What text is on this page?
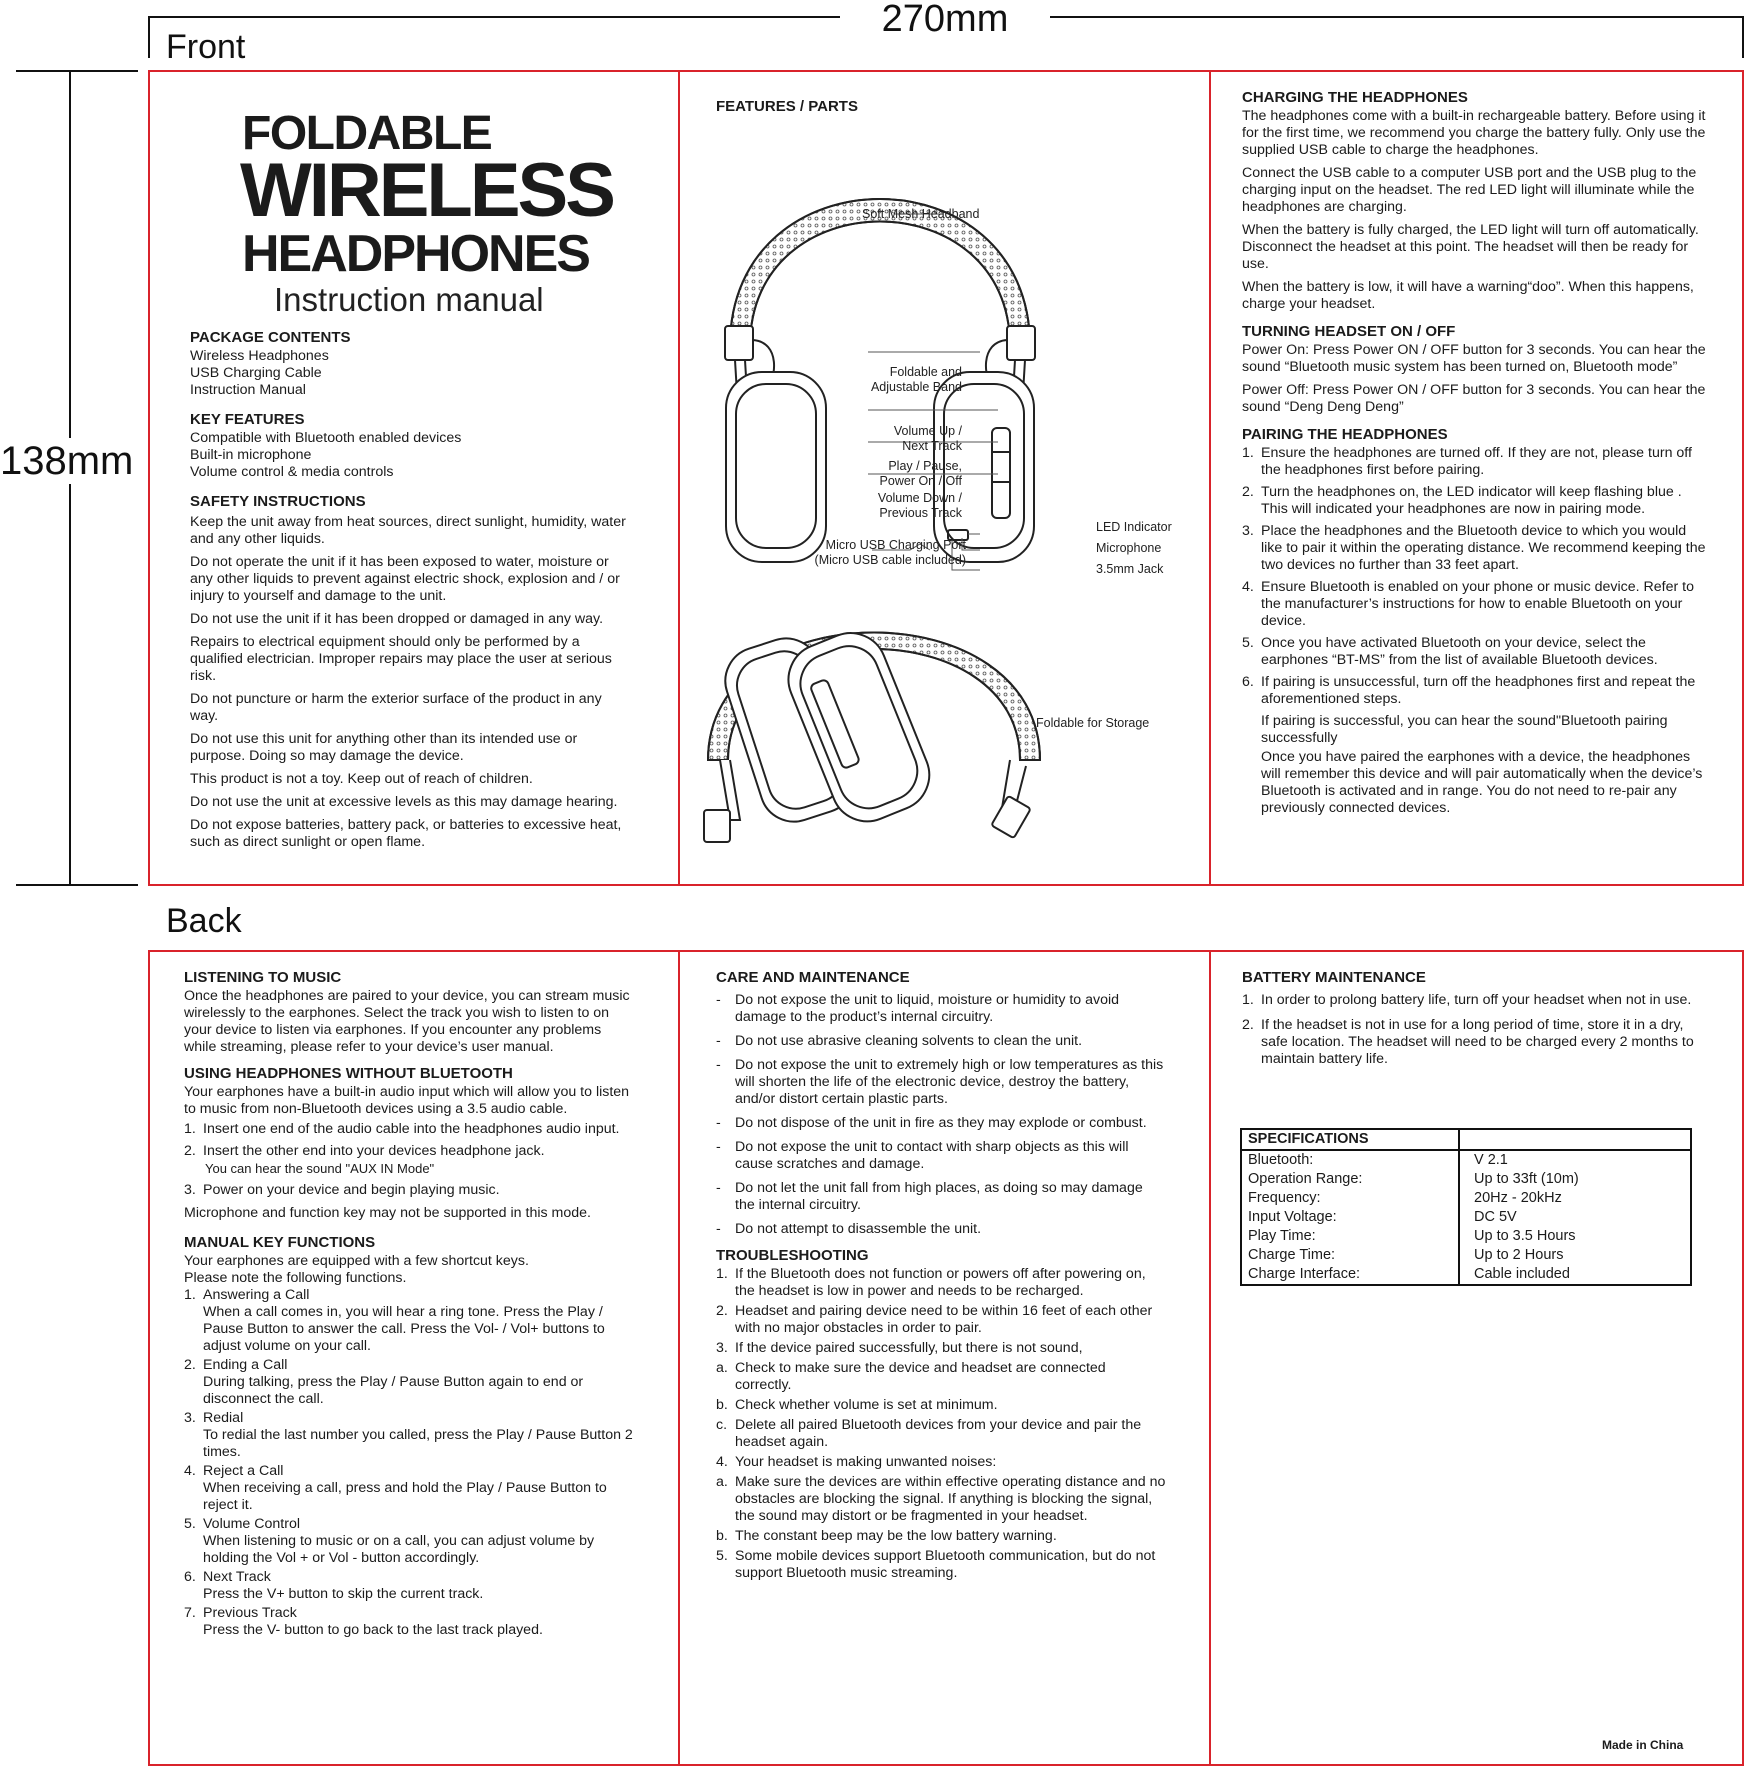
270mm
138mm
Front
Back
FOLDABLE
WIRELESS
HEADPHONES
Instruction manual
PACKAGE CONTENTS
Wireless Headphones
USB Charging Cable
Instruction Manual
KEY FEATURES
Compatible with Bluetooth enabled devices
Built-in microphone
Volume control & media controls
SAFETY INSTRUCTIONS

Keep the unit away from heat sources, direct sunlight, humidity, water and any other liquids.

Do not operate the unit if it has been exposed to water, moisture or any other liquids to prevent against electric shock, explosion and / or injury to yourself and damage to the unit.

Do not use the unit if it has been dropped or damaged in any way.

Repairs to electrical equipment should only be performed by a qualified electrician. Improper repairs may place the user at serious risk.

Do not puncture or harm the exterior surface of the product in any way.

Do not use this unit for anything other than its intended use or purpose. Doing so may damage the device.

This product is not a toy. Keep out of reach of children.

Do not use the unit at excessive levels as this may damage hearing.

Do not expose batteries, battery pack, or batteries to excessive heat, such as direct sunlight or open flame.

FEATURES / PARTS
Soft Mesh Headband
Foldable and
Adjustable Band
Volume Up /
Next Track
Play / Pause,
Power On / Off
Volume Down /
Previous Track
Micro USB Charging Port
(Micro USB cable included)
LED Indicator
Microphone
3.5mm Jack
Foldable for Storage
CHARGING THE HEADPHONES

The headphones come with a built-in rechargeable battery. Before using it for the first time, we recommend you charge the battery fully. Only use the supplied USB cable to charge the headphones.

Connect the USB cable to a computer USB port and the USB plug to the charging input on the headset. The red LED light will illuminate while the headphones are charging.

When the battery is fully charged, the LED light will turn off automatically. Disconnect the headset at this point. The headset will then be ready for use.

When the battery is low, it will have a warning“doo”. When this happens, charge your headset.

TURNING HEADSET ON / OFF

Power On: Press Power ON / OFF button for 3 seconds. You can hear the sound “Bluetooth music system has been turned on, Bluetooth mode”

Power Off: Press Power ON / OFF button for 3 seconds. You can hear the sound “Deng Deng Deng”

PAIRING THE HEADPHONES
1. Ensure the headphones are turned off. If they are not, please turn off the headphones first before pairing.
2. Turn the headphones on, the LED indicator will keep flashing blue . This will indicated your headphones are now in pairing mode.
3. Place the headphones and the Bluetooth device to which you would like to pair it within the operating distance. We recommend keeping the two devices no further than 33 feet apart.
4. Ensure Bluetooth is enabled on your phone or music device. Refer to the manufacturer’s instructions for how to enable Bluetooth on your device.
5. Once you have activated Bluetooth on your device, select the earphones “BT-MS” from the list of available Bluetooth devices.
6. If pairing is unsuccessful, turn off the headphones first and repeat the aforementioned steps.

If pairing is successful, you can hear the sound"Bluetooth pairing successfully

Once you have paired the earphones with a device, the headphones will remember this device and will pair automatically when the device’s Bluetooth is activated and in range. You do not need to re-pair any previously connected devices.

LISTENING TO MUSIC

Once the headphones are paired to your device, you can stream music wirelessly to the earphones. Select the track you wish to listen to on your device to listen via earphones. If you encounter any problems while streaming, please refer to your device’s user manual.

USING HEADPHONES WITHOUT BLUETOOTH

Your earphones have a built-in audio input which will allow you to listen to music from non-Bluetooth devices using a 3.5 audio cable.

1. Insert one end of the audio cable into the headphones audio input.
2. Insert the other end into your devices headphone jack.
You can hear the sound "AUX IN Mode"
3. Power on your device and begin playing music.

Microphone and function key may not be supported in this mode.

MANUAL KEY FUNCTIONS
Your earphones are equipped with a few shortcut keys.
Please note the following functions.
1. Answering a Call
When a call comes in, you will hear a ring tone. Press the Play / Pause Button to answer the call. Press the Vol- / Vol+ buttons to adjust volume on your call.
2. Ending a Call
During talking, press the Play / Pause Button again to end or disconnect the call.
3. Redial
To redial the last number you called, press the Play / Pause Button 2 times.
4. Reject a Call
When receiving a call, press and hold the Play / Pause Button to reject it.
5. Volume Control
When listening to music or on a call, you can adjust volume by holding the Vol + or Vol - button accordingly.
6. Next Track
Press the V+ button to skip the current track.
7. Previous Track
Press the V- button to go back to the last track played.
CARE AND MAINTENANCE
- Do not expose the unit to liquid, moisture or humidity to avoid damage to the product’s internal circuitry.
- Do not use abrasive cleaning solvents to clean the unit.
- Do not expose the unit to extremely high or low temperatures as this will shorten the life of the electronic device, destroy the battery, and/or distort certain plastic parts.
- Do not dispose of the unit in fire as they may explode or combust.
- Do not expose the unit to contact with sharp objects as this will cause scratches and damage.
- Do not let the unit fall from high places, as doing so may damage the internal circuitry.
- Do not attempt to disassemble the unit.
TROUBLESHOOTING
1. If the Bluetooth does not function or powers off after powering on, the headset is low in power and needs to be recharged.
2. Headset and pairing device need to be within 16 feet of each other with no major obstacles in order to pair.
3. If the device paired successfully, but there is not sound,
a. Check to make sure the device and headset are connected correctly.
b. Check whether volume is set at minimum.
c. Delete all paired Bluetooth devices from your device and pair the headset again.
4. Your headset is making unwanted noises:
a. Make sure the devices are within effective operating distance and no obstacles are blocking the signal. If anything is blocking the signal, the sound may distort or be fragmented in your headset.
b. The constant beep may be the low battery warning.
5. Some mobile devices support Bluetooth communication, but do not support Bluetooth music streaming.
BATTERY MAINTENANCE
1. In order to prolong battery life, turn off your headset when not in use.
2. If the headset is not in use for a long period of time, store it in a dry, safe location. The headset will need to be charged every 2 months to maintain battery life.
SPECIFICATIONS
Bluetooth:	V 2.1
Operation Range:	Up to 33ft (10m)
Frequency:	20Hz - 20kHz
Input Voltage:	DC 5V
Play Time:	Up to 3.5 Hours
Charge Time:	Up to 2 Hours
Charge Interface:	Cable included
Made in China
